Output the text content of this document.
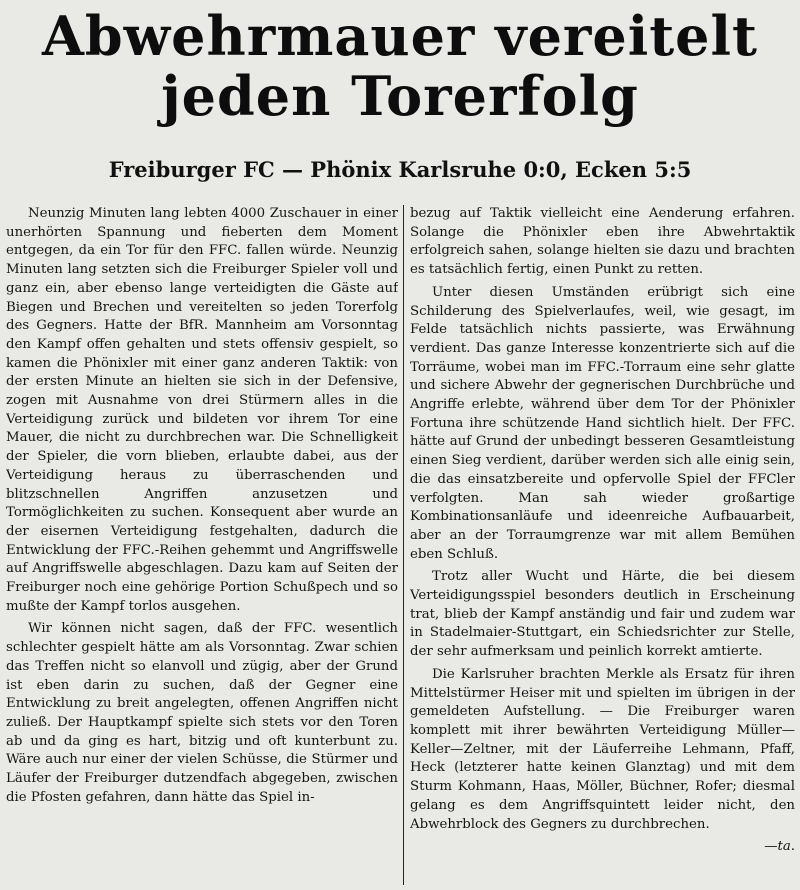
Abwehrmauer vereitelt
jeden Torerfolg
Freiburger FC — Phönix Karlsruhe 0:0, Ecken 5:5

Neunzig Minuten lang lebten 4000 Zuschauer in einer unerhörten Spannung und fieberten dem Moment entgegen, da ein Tor für den FFC. fallen würde. Neunzig Minuten lang setzten sich die Freiburger Spieler voll und ganz ein, aber ebenso lange verteidigten die Gäste auf Biegen und Brechen und vereitelten so jeden Torerfolg des Gegners. Hatte der BfR. Mannheim am Vorsonntag den Kampf offen gehalten und stets offensiv gespielt, so kamen die Phönixler mit einer ganz anderen Taktik: von der ersten Minute an hielten sie sich in der Defensive, zogen mit Ausnahme von drei Stürmern alles in die Verteidigung zurück und bildeten vor ihrem Tor eine Mauer, die nicht zu durchbrechen war. Die Schnelligkeit der Spieler, die vorn blieben, erlaubte dabei, aus der Verteidigung heraus zu überraschenden und blitzschnellen Angriffen anzusetzen und Tormöglichkeiten zu suchen. Konsequent aber wurde an der eisernen Verteidigung festgehalten, dadurch die Entwicklung der FFC.-Reihen gehemmt und Angriffswelle auf Angriffswelle abgeschlagen. Dazu kam auf Seiten der Freiburger noch eine gehörige Portion Schußpech und so mußte der Kampf torlos ausgehen.

Wir können nicht sagen, daß der FFC. wesentlich schlechter gespielt hätte am als Vorsonntag. Zwar schien das Treffen nicht so elanvoll und zügig, aber der Grund ist eben darin zu suchen, daß der Gegner eine Entwicklung zu breit angelegten, offenen Angriffen nicht zuließ. Der Hauptkampf spielte sich stets vor den Toren ab und da ging es hart, bitzig und oft kunterbunt zu. Wäre auch nur einer der vielen Schüsse, die Stürmer und Läufer der Freiburger dutzendfach abgegeben, zwischen die Pfosten gefahren, dann hätte das Spiel in-

bezug auf Taktik vielleicht eine Aenderung erfahren. Solange die Phönixler eben ihre Abwehrtaktik erfolgreich sahen, solange hielten sie dazu und brachten es tatsächlich fertig, einen Punkt zu retten.

Unter diesen Umständen erübrigt sich eine Schilderung des Spielverlaufes, weil, wie gesagt, im Felde tatsächlich nichts passierte, was Erwähnung verdient. Das ganze Interesse konzentrierte sich auf die Torräume, wobei man im FFC.-Torraum eine sehr glatte und sichere Abwehr der gegnerischen Durchbrüche und Angriffe erlebte, während über dem Tor der Phönixler Fortuna ihre schützende Hand sichtlich hielt. Der FFC. hätte auf Grund der unbedingt besseren Gesamtleistung einen Sieg verdient, darüber werden sich alle einig sein, die das einsatzbereite und opfervolle Spiel der FFCler verfolgten. Man sah wieder großartige Kombinationsanläufe und ideenreiche Aufbauarbeit, aber an der Torraumgrenze war mit allem Bemühen eben Schluß.

Trotz aller Wucht und Härte, die bei diesem Verteidigungsspiel besonders deutlich in Erscheinung trat, blieb der Kampf anständig und fair und zudem war in Stadelmaier-Stuttgart, ein Schiedsrichter zur Stelle, der sehr aufmerksam und peinlich korrekt amtierte.

Die Karlsruher brachten Merkle als Ersatz für ihren Mittelstürmer Heiser mit und spielten im übrigen in der gemeldeten Aufstellung. — Die Freiburger waren komplett mit ihrer bewährten Verteidigung Müller—Keller—Zeltner, mit der Läuferreihe Lehmann, Pfaff, Heck (letzterer hatte keinen Glanztag) und mit dem Sturm Kohmann, Haas, Möller, Büchner, Rofer; diesmal gelang es dem Angriffsquintett leider nicht, den Abwehrblock des Gegners zu durchbrechen.

—ta.
